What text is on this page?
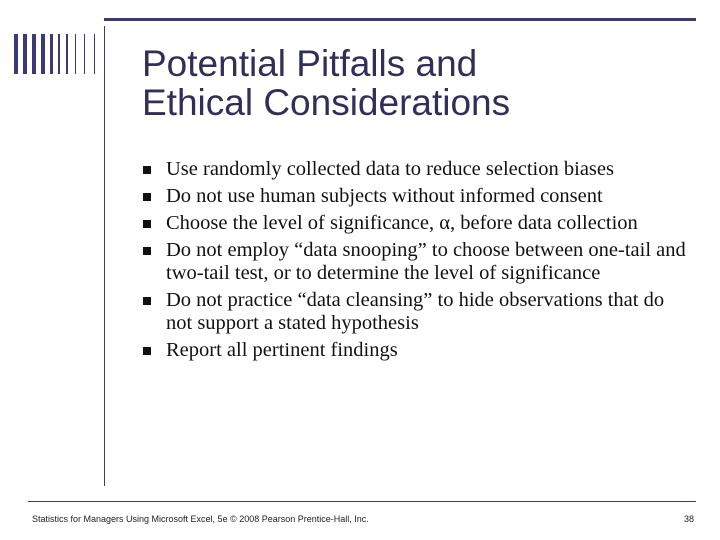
Potential Pitfalls and
Ethical Considerations
Use randomly collected data to reduce selection biases
Do not use human subjects without informed consent
Choose the level of significance, α, before data collection
Do not employ “data snooping” to choose between one-tail and two-tail test, or to determine the level of significance
Do not practice “data cleansing” to hide observations that do not support a stated hypothesis
Report all pertinent findings
Statistics for Managers Using Microsoft Excel, 5e © 2008 Pearson Prentice-Hall, Inc.	38
